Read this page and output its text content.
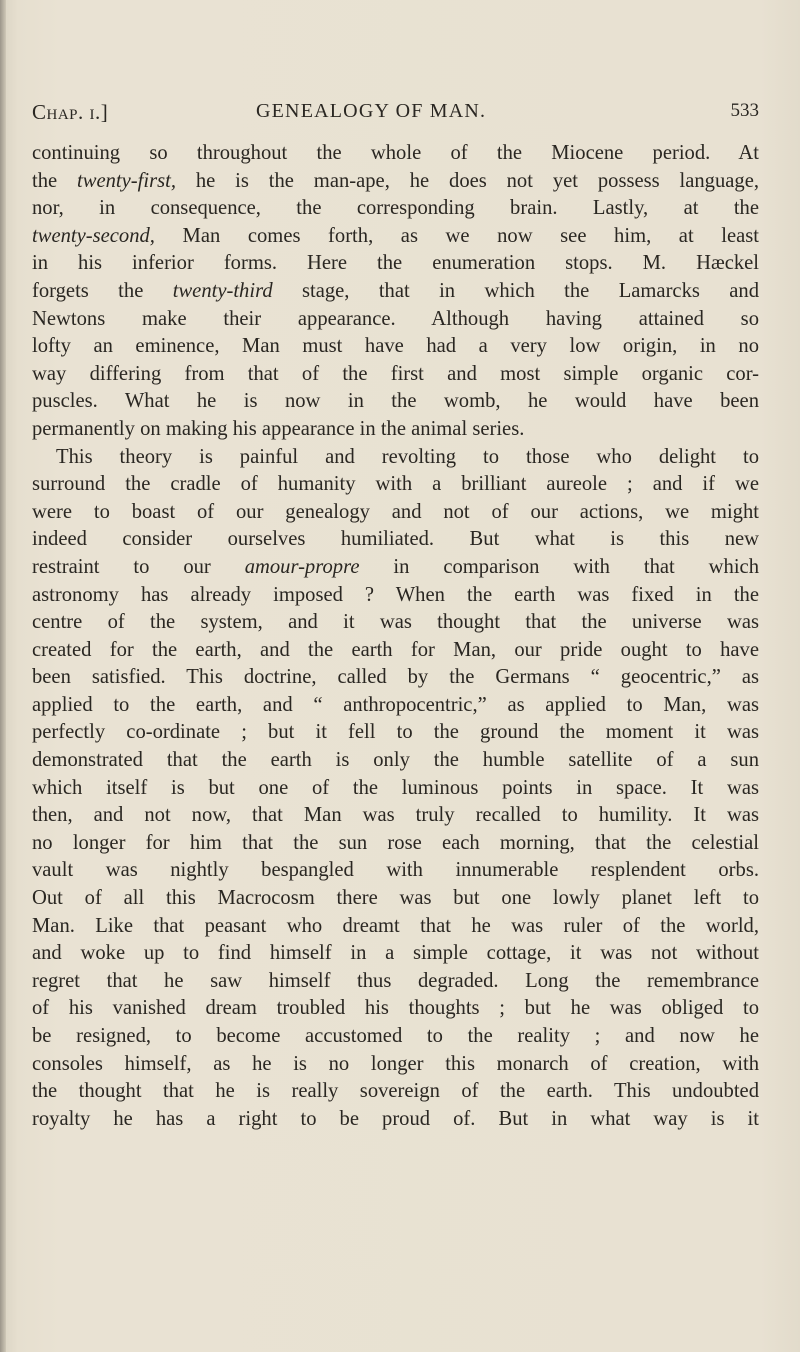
Chap. i.]	GENEALOGY OF MAN.	533
continuing so throughout the whole of the Miocene period. At
the twenty-first, he is the man-ape, he does not yet possess language,
nor, in consequence, the corresponding brain. Lastly, at the
twenty-second, Man comes forth, as we now see him, at least
in his inferior forms. Here the enumeration stops. M. Hæckel
forgets the twenty-third stage, that in which the Lamarcks and
Newtons make their appearance. Although having attained so
lofty an eminence, Man must have had a very low origin, in no
way differing from that of the first and most simple organic cor-
puscles. What he is now in the womb, he would have been
permanently on making his appearance in the animal series.
This theory is painful and revolting to those who delight to
surround the cradle of humanity with a brilliant aureole ; and if we
were to boast of our genealogy and not of our actions, we might
indeed consider ourselves humiliated. But what is this new
restraint to our amour-propre in comparison with that which
astronomy has already imposed ? When the earth was fixed in the
centre of the system, and it was thought that the universe was
created for the earth, and the earth for Man, our pride ought to have
been satisfied. This doctrine, called by the Germans “ geocentric,” as
applied to the earth, and “ anthropocentric,” as applied to Man, was
perfectly co-ordinate ; but it fell to the ground the moment it was
demonstrated that the earth is only the humble satellite of a sun
which itself is but one of the luminous points in space. It was
then, and not now, that Man was truly recalled to humility. It was
no longer for him that the sun rose each morning, that the celestial
vault was nightly bespangled with innumerable resplendent orbs.
Out of all this Macrocosm there was but one lowly planet left to
Man. Like that peasant who dreamt that he was ruler of the world,
and woke up to find himself in a simple cottage, it was not without
regret that he saw himself thus degraded. Long the remembrance
of his vanished dream troubled his thoughts ; but he was obliged to
be resigned, to become accustomed to the reality ; and now he
consoles himself, as he is no longer this monarch of creation, with
the thought that he is really sovereign of the earth. This undoubted
royalty he has a right to be proud of. But in what way is it
